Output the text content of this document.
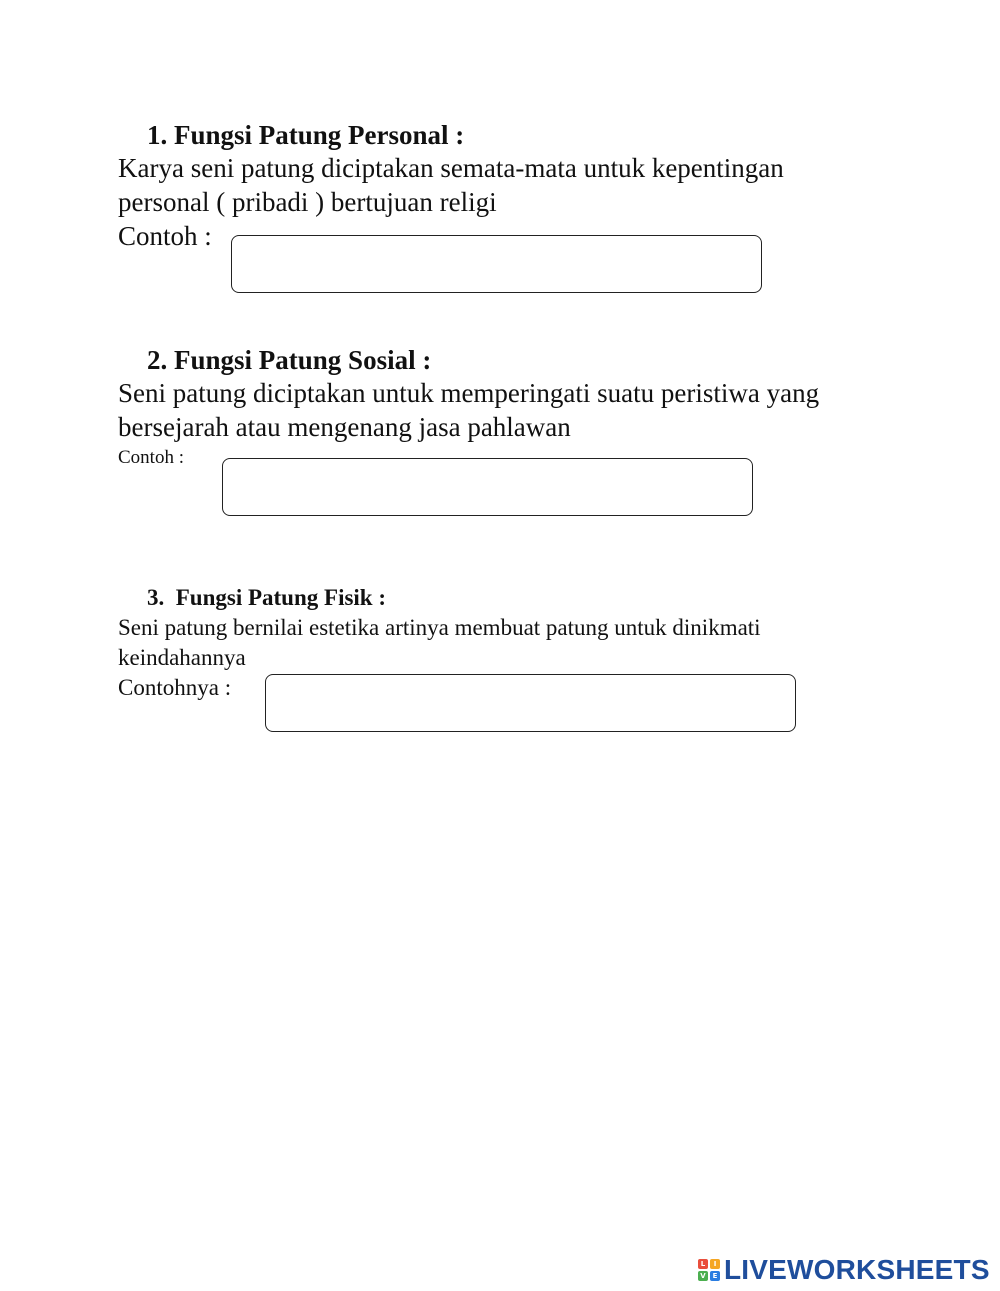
1. Fungsi Patung Personal :
Karya seni patung diciptakan semata-mata untuk kepentingan
personal ( pribadi ) bertujuan religi
Contoh :
2. Fungsi Patung Sosial :
Seni patung diciptakan untuk memperingati suatu peristiwa yang
bersejarah atau mengenang jasa pahlawan
Contoh :
3. Fungsi Patung Fisik :
Seni patung bernilai estetika artinya membuat patung untuk dinikmati
keindahannya
Contohnya :
L	I
V E LIVEWORKSHEETS
